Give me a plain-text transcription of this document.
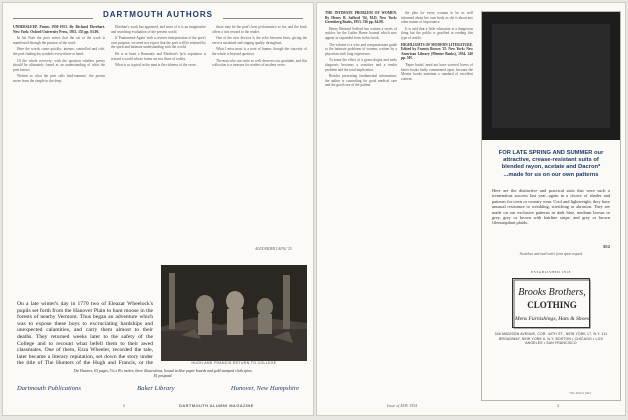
DARTMOUTH AUTHORS

UNDERSLEEP. Poems 1950-1953. By Richard Eberhart. New York: Oxford University Press, 1953. 155 pp. $3.00.

In his Note the poet writes that the art of the work is manifested through the passion of the word.

Here the words come quickly: intense, controlled and rich, the poet finding his symbols everywhere at hand.

Of the whole recovery; with the question whether poetry should be ultimately found as an understanding of what the poet knows.

Written as what the poet calls 'mid-summer', the poems move from the simple to the deep.

Eberhart's work has appeared, and most of it is an imaginative and searching evaluation of the present world.

If 'Pantomime Again' with a severer interpretation of the poet's own purpose, we need not expect that the poet will be retained by the spirit and intimate understanding with the world.

He is at heart a Romantic and Eberhart's lyric aspiration is toward a world whose forms are not those of reality.

What is so typical in the man is the richness of the verse.

those may be the poet's best performance so far, and the book offers a rich reward to the reader.

One of the new devices is the echo between lines, giving the verse a sustained and singing quality throughout.

What I miss most is a note of humor, though the sincerity of the whole is beyond question.

The man who can write so well deserves our gratitude, and this collection is a treasure for readers of modern verse.

ALEXANDER LAING '25
On a late winter's day in 1770 two of Eleazar Wheelock's pupils set forth from the Hanover Plain to hunt moose in the forests of nearby Vermont. Thus began an adventure which was to expose these boys to excruciating hardships and unexpected calamities, and carry them almost to their deaths. They returned weeks later to the safety of the College and to recount what befell them to their awed classmates. One of them, Ezra Wheeler, recorded the tale, later became a literary reputation, set down the story under the title of The Hunters of the Hugh and Francis, or the	HUGH AND FRANCIS RETURN TO COLLEGE
The Hunters, 65 pages, 5¼ x 8¼ inches, three illustrations, bound in blue paper boards and gold stamped cloth spine, $1 postpaid.
Dartmouth Publications	Baker Library	Hanover, New Hampshire
2	DARTMOUTH ALUMNI MAGAZINE

THE INTIMATE PROBLEM OF WOMEN. By Henry B. Safford '04, M.D. New York: Greenberg Books, 1953. 336 pp. $4.00.

Henry Bernard Safford has written a series of articles for the Ladies Home Journal which now appear in expanded form in this book.

The volume is a wise and compassionate guide to the intimate problems of women, written by a physician with long experience.

To some the effect of a gynecologist and early diagnosis becomes a sensitive and a tender problem and the total implication.

Besides presenting fundamental information, the author is counseling for good medical care and the good care of the patient.

the plea for every woman to be as well informed about her own body as she is about any other matter of importance.

It is said that a little education is a dangerous thing but the public is gratified in reading this type of article.

HIGHLIGHTS OF MODERN LITERATURE. Edited by Francis Brown '25. New York: New American Library (Mentor Books), 1954. 240 pp. 50¢.

'Paper books' need not have worried lovers of better books lately commented upon, because the Mentor books maintain a standard of excellent content.

FOR LATE SPRING AND SUMMER our attractive, crease-resistant suits of blended rayon, acetate and Dacron* ...made for us on our own patterns
Here are the distinctive and practical suits that were such a tremendous success last year...again in a choice of shades and patterns for town or country wear. Cool and lightweight, they have unusual resistance to wrinkling, stretching or abrasion. They are made on our exclusive patterns in dark blue, medium brown or grey, grey or brown with hairline stripe, and grey or brown Glenurquhart plaids.
$52
Swatches and mail order form upon request
ESTABLISHED 1818
Brooks Brothers,
CLOTHING
Mens Furnishings, Hats & Shoes
346 MADISON AVENUE, COR. 44TH ST., NEW YORK 17, N.Y. 111 BROADWAY, NEW YORK 6, N.Y. BOSTON • CHICAGO • LOS ANGELES • SAN FRANCISCO
*Du Pont's fiber
Issue of MAY 1954	3
